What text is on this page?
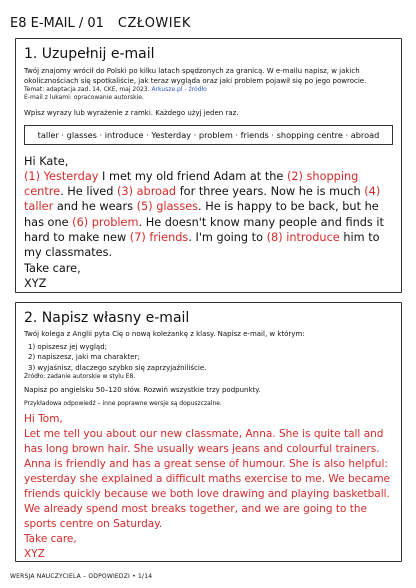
E8 E-MAIL / 01 CZŁOWIEK
1. Uzupełnij e-mail
Twój znajomy wrócił do Polski po kilku latach spędzonych za granicą. W e-mailu napisz, w jakich okolicznościach się spotkaliście, jak teraz wygląda oraz jaki problem pojawił się po jego powrocie.
Temat: adaptacja zad. 14, CKE, maj 2023. Arkusze.pl - źródło
E-mail z lukami: opracowanie autorskie.
Wpisz wyrazy lub wyrażenie z ramki. Każdego użyj jeden raz.
taller · glasses · introduce · Yesterday · problem · friends · shopping centre · abroad
Hi Kate,
(1) Yesterday I met my old friend Adam at the (2) shopping centre. He lived (3) abroad for three years. Now he is much (4) taller and he wears (5) glasses. He is happy to be back, but he has one (6) problem. He doesn't know many people and finds it hard to make new (7) friends. I'm going to (8) introduce him to my classmates.
Take care,
XYZ
2. Napisz własny e-mail
Twój kolega z Anglii pyta Cię o nową koleżankę z klasy. Napisz e-mail, w którym:
1) opiszesz jej wygląd;
2) napiszesz, jaki ma charakter;
3) wyjaśnisz, dlaczego szybko się zaprzyjaźniliście.
Źródło: zadanie autorskie w stylu E8.
Napisz po angielsku 50–120 słów. Rozwiń wszystkie trzy podpunkty.
Przykładowa odpowiedź – inne poprawne wersje są dopuszczalne.
Hi Tom,
Let me tell you about our new classmate, Anna. She is quite tall and has long brown hair. She usually wears jeans and colourful trainers.
Anna is friendly and has a great sense of humour. She is also helpful: yesterday she explained a difficult maths exercise to me. We became friends quickly because we both love drawing and playing basketball. We already spend most breaks together, and we are going to the sports centre on Saturday.
Take care,
XYZ
WERSJA NAUCZYCIELA – ODPOWIEDZI • 1/14
